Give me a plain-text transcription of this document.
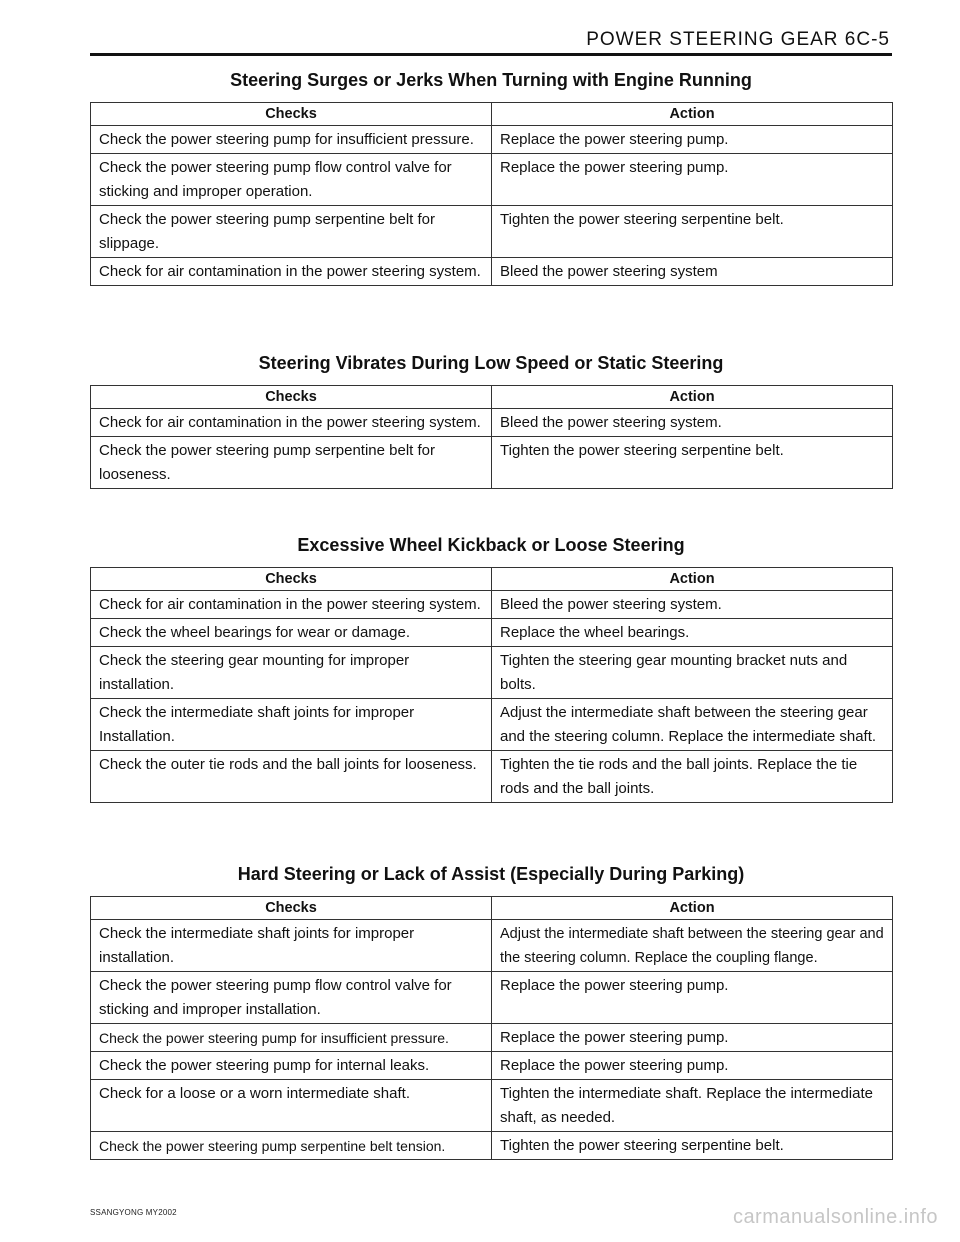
POWER STEERING GEAR 6C-5
Steering Surges or Jerks When Turning with Engine Running
Checks	Action
Check the power steering pump for insufficient pressure.	Replace the power steering pump.
Check the power steering pump flow control valve for sticking and improper operation.	Replace the power steering pump.
Check the power steering pump serpentine belt for slippage.	Tighten the power steering serpentine belt.
Check for air contamination in the power steering system.	Bleed the power steering system
Steering Vibrates During Low Speed or Static Steering
Checks	Action
Check for air contamination in the power steering system.	Bleed the power steering system.
Check the power steering pump serpentine belt for looseness.	Tighten the power steering serpentine belt.
Excessive Wheel Kickback or Loose Steering
Checks	Action
Check for air contamination in the power steering system.	Bleed the power steering system.
Check the wheel bearings for wear or damage.	Replace the wheel bearings.
Check the steering gear mounting for improper installation.	Tighten the steering gear mounting bracket nuts and bolts.
Check the intermediate shaft joints for improper Installation.	Adjust the intermediate shaft between the steering gear and the steering column. Replace the intermediate shaft.
Check the outer tie rods and the ball joints for looseness.	Tighten the tie rods and the ball joints. Replace the tie rods and the ball joints.
Hard Steering or Lack of Assist (Especially During Parking)
Checks	Action
Check the intermediate shaft joints for improper installation.	Adjust the intermediate shaft between the steering gear and the steering column. Replace the coupling flange.
Check the power steering pump flow control valve for sticking and improper installation.	Replace the power steering pump.
Check the power steering pump for insufficient pressure.	Replace the power steering pump.
Check the power steering pump for internal leaks.	Replace the power steering pump.
Check for a loose or a worn intermediate shaft.	Tighten the intermediate shaft. Replace the intermediate shaft, as needed.
Check the power steering pump serpentine belt tension.	Tighten the power steering serpentine belt.
SSANGYONG MY2002	carmanualsonline.info
